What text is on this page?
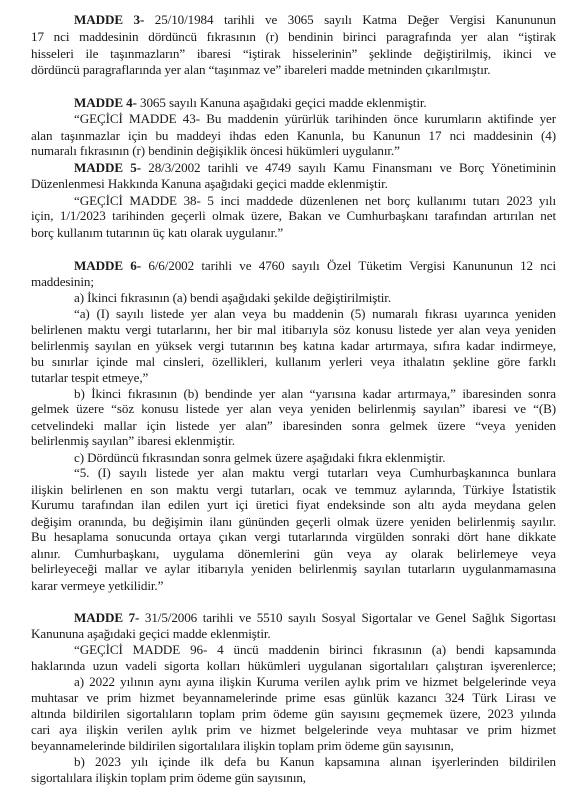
MADDE 3- 25/10/1984 tarihli ve 3065 sayılı Katma Değer Vergisi Kanununun
17 nci maddesinin dördüncü fıkrasının (r) bendinin birinci paragrafında yer alan “iştirak
hisseleri ile taşınmazların” ibaresi “iştirak hisselerinin” şeklinde değiştirilmiş, ikinci ve
dördüncü paragraflarında yer alan “taşınmaz ve” ibareleri madde metninden çıkarılmıştır.
MADDE 4- 3065 sayılı Kanuna aşağıdaki geçici madde eklenmiştir.
“GEÇİCİ MADDE 43- Bu maddenin yürürlük tarihinden önce kurumların aktifinde yer
alan taşınmazlar için bu maddeyi ihdas eden Kanunla, bu Kanunun 17 nci maddesinin (4)
numaralı fıkrasının (r) bendinin değişiklik öncesi hükümleri uygulanır.”
MADDE 5- 28/3/2002 tarihli ve 4749 sayılı Kamu Finansmanı ve Borç Yönetiminin
Düzenlenmesi Hakkında Kanuna aşağıdaki geçici madde eklenmiştir.
“GEÇİCİ MADDE 38- 5 inci maddede düzenlenen net borç kullanımı tutarı 2023 yılı
için, 1/1/2023 tarihinden geçerli olmak üzere, Bakan ve Cumhurbaşkanı tarafından artırılan net
borç kullanım tutarının üç katı olarak uygulanır.”
MADDE 6- 6/6/2002 tarihli ve 4760 sayılı Özel Tüketim Vergisi Kanununun 12 nci
maddesinin;
a) İkinci fıkrasının (a) bendi aşağıdaki şekilde değiştirilmiştir.
“a) (I) sayılı listede yer alan veya bu maddenin (5) numaralı fıkrası uyarınca yeniden
belirlenen maktu vergi tutarlarını, her bir mal itibarıyla söz konusu listede yer alan veya yeniden
belirlenmiş sayılan en yüksek vergi tutarının beş katına kadar artırmaya, sıfıra kadar indirmeye,
bu sınırlar içinde mal cinsleri, özellikleri, kullanım yerleri veya ithalatın şekline göre farklı
tutarlar tespit etmeye,”
b) İkinci fıkrasının (b) bendinde yer alan “yarısına kadar artırmaya,” ibaresinden sonra
gelmek üzere “söz konusu listede yer alan veya yeniden belirlenmiş sayılan” ibaresi ve “(B)
cetvelindeki mallar için listede yer alan” ibaresinden sonra gelmek üzere “veya yeniden
belirlenmiş sayılan” ibaresi eklenmiştir.
c) Dördüncü fıkrasından sonra gelmek üzere aşağıdaki fıkra eklenmiştir.
“5. (I) sayılı listede yer alan maktu vergi tutarları veya Cumhurbaşkanınca bunlara
ilişkin belirlenen en son maktu vergi tutarları, ocak ve temmuz aylarında, Türkiye İstatistik
Kurumu tarafından ilan edilen yurt içi üretici fiyat endeksinde son altı ayda meydana gelen
değişim oranında, bu değişimin ilanı gününden geçerli olmak üzere yeniden belirlenmiş sayılır.
Bu hesaplama sonucunda ortaya çıkan vergi tutarlarında virgülden sonraki dört hane dikkate
alınır. Cumhurbaşkanı, uygulama dönemlerini gün veya ay olarak belirlemeye veya
belirleyeceği mallar ve aylar itibarıyla yeniden belirlenmiş sayılan tutarların uygulanmamasına
karar vermeye yetkilidir.”
MADDE 7- 31/5/2006 tarihli ve 5510 sayılı Sosyal Sigortalar ve Genel Sağlık Sigortası
Kanununa aşağıdaki geçici madde eklenmiştir.
“GEÇİCİ MADDE 96- 4 üncü maddenin birinci fıkrasının (a) bendi kapsamında
haklarında uzun vadeli sigorta kolları hükümleri uygulanan sigortalıları çalıştıran işverenlerce;
a) 2022 yılının aynı ayına ilişkin Kuruma verilen aylık prim ve hizmet belgelerinde veya
muhtasar ve prim hizmet beyannamelerinde prime esas günlük kazancı 324 Türk Lirası ve
altında bildirilen sigortalıların toplam prim ödeme gün sayısını geçmemek üzere, 2023 yılında
cari aya ilişkin verilen aylık prim ve hizmet belgelerinde veya muhtasar ve prim hizmet
beyannamelerinde bildirilen sigortalılara ilişkin toplam prim ödeme gün sayısının,
b) 2023 yılı içinde ilk defa bu Kanun kapsamına alınan işyerlerinden bildirilen
sigortalılara ilişkin toplam prim ödeme gün sayısının,
